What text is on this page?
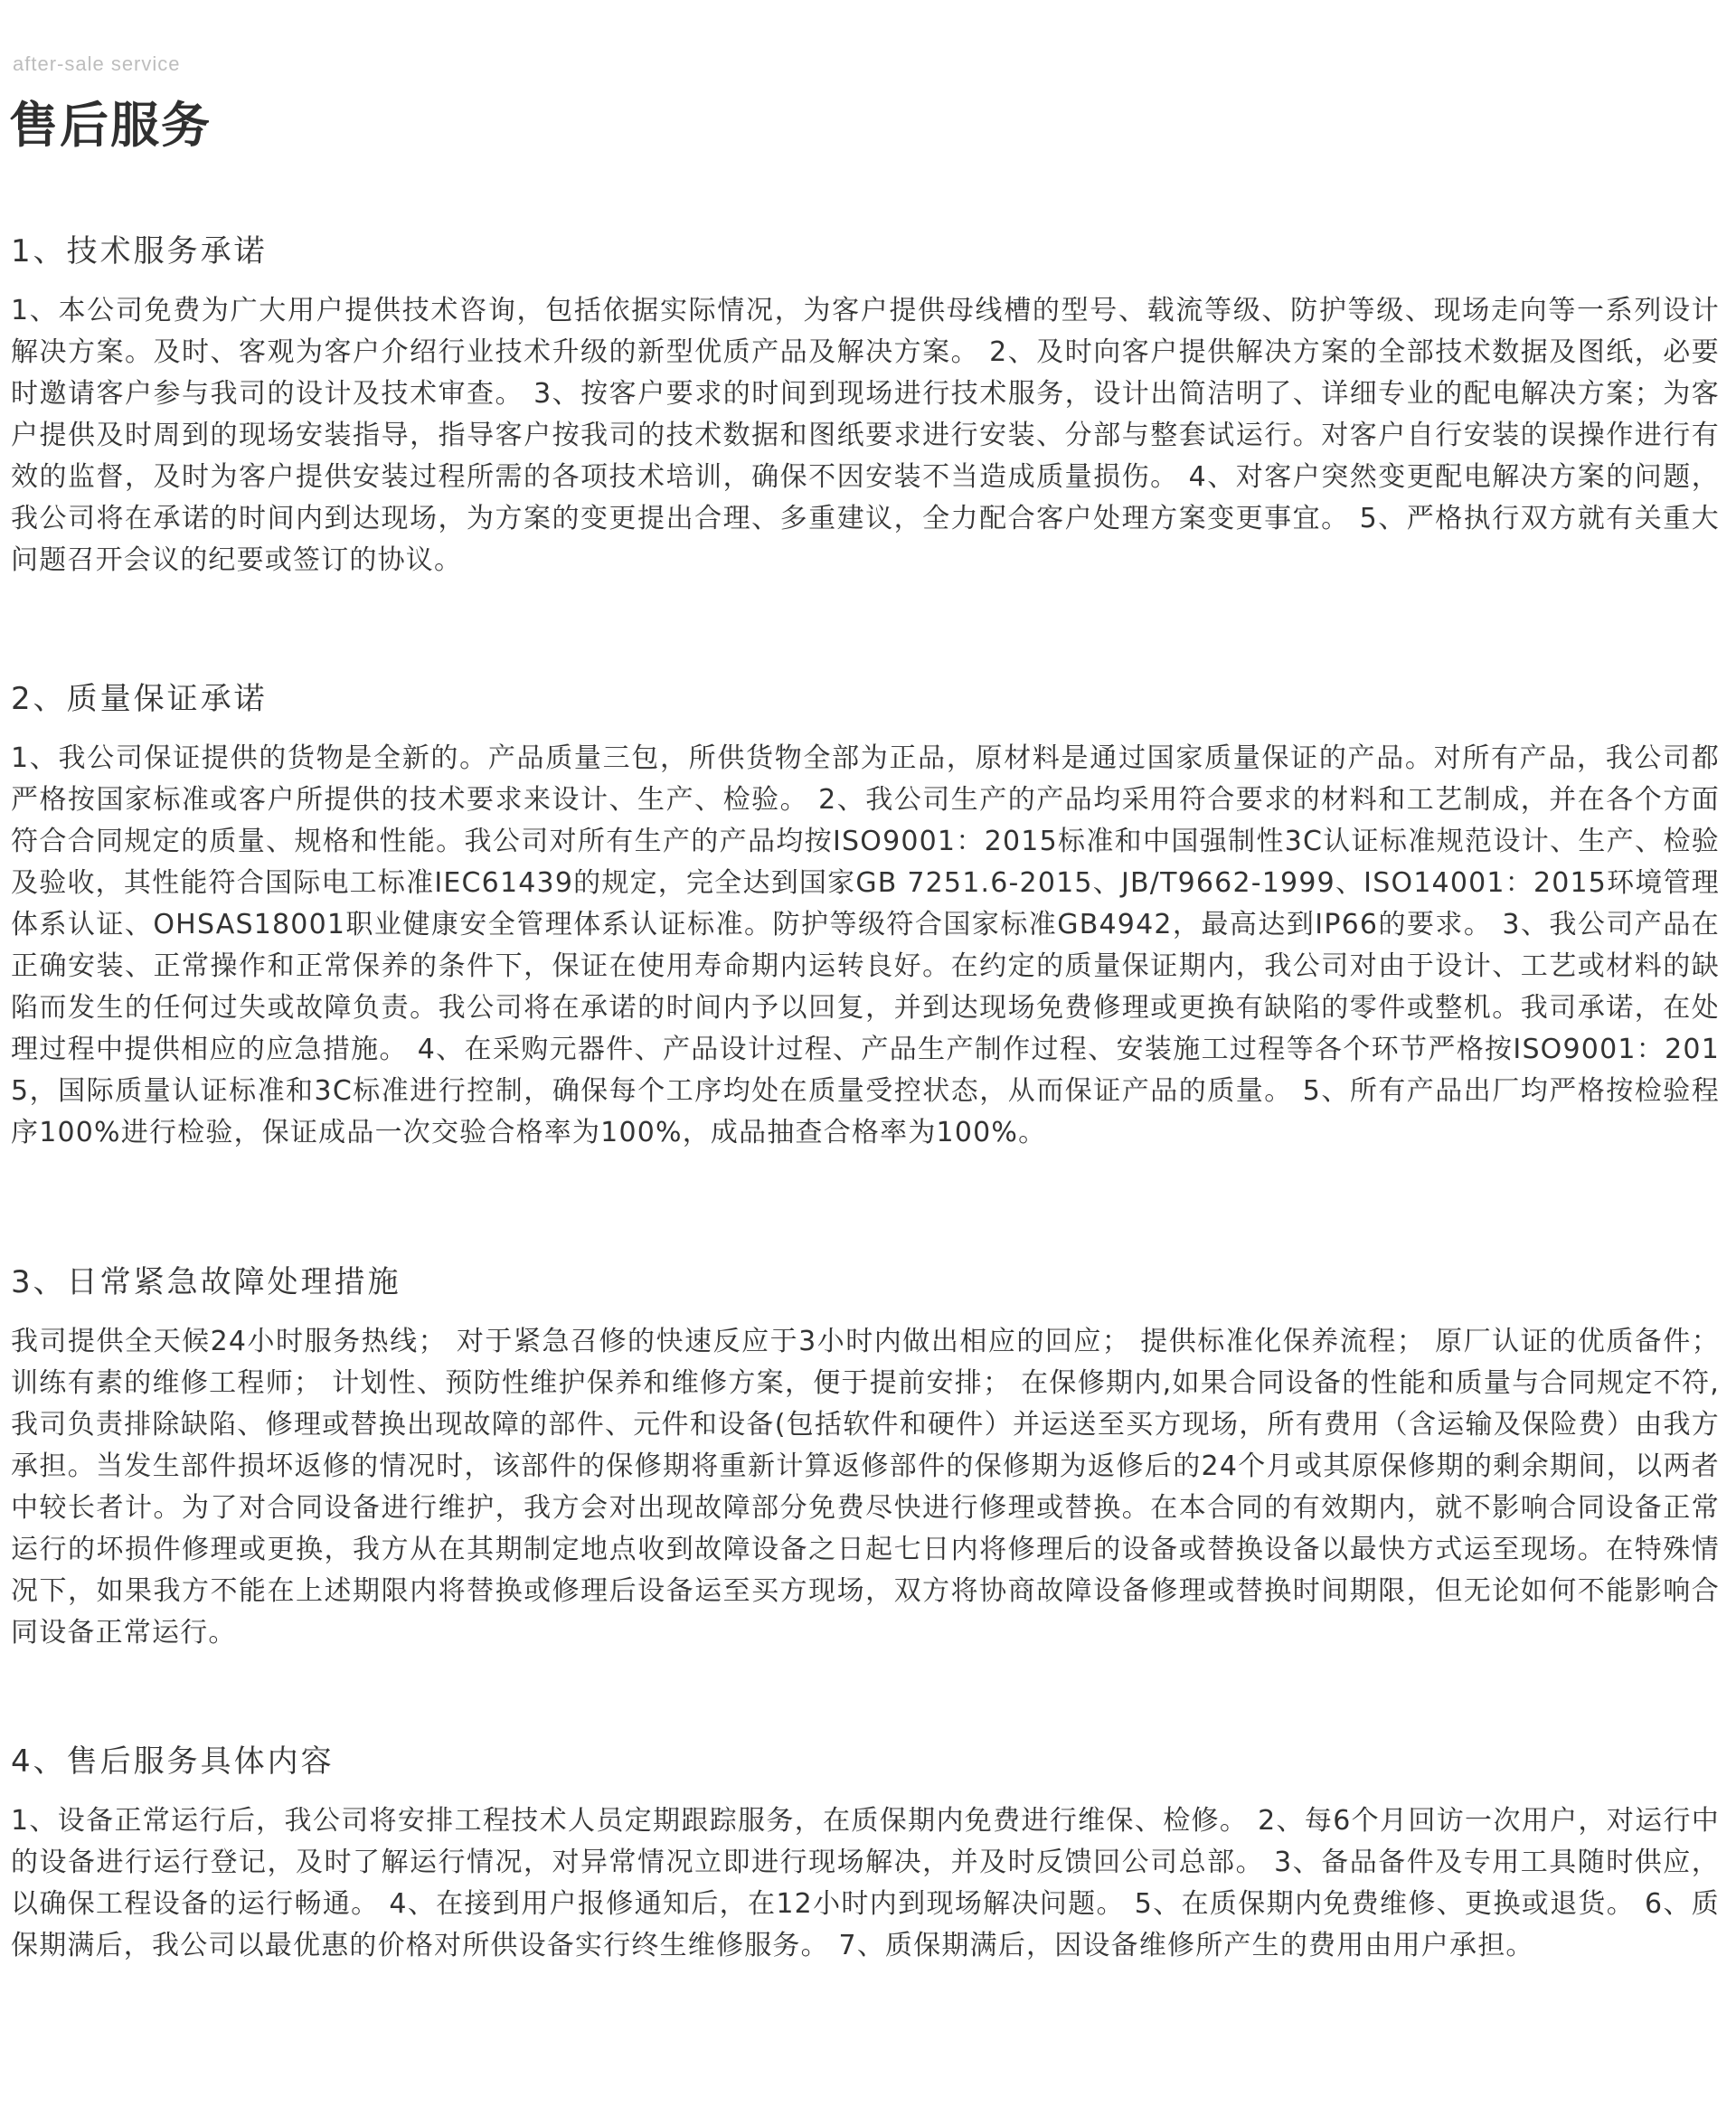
after-sale service
售后服务
1、技术服务承诺

1、本公司免费为广大用户提供技术咨询，包括依据实际情况，为客户提供母线槽的型号、载流等级、防护等级、现场走向等一系列设计解决方案。及时、客观为客户介绍行业技术升级的新型优质产品及解决方案。 2、及时向客户提供解决方案的全部技术数据及图纸，必要时邀请客户参与我司的设计及技术审查。 3、按客户要求的时间到现场进行技术服务，设计出简洁明了、详细专业的配电解决方案；为客户提供及时周到的现场安装指导，指导客户按我司的技术数据和图纸要求进行安装、分部与整套试运行。对客户自行安装的误操作进行有效的监督，及时为客户提供安装过程所需的各项技术培训，确保不因安装不当造成质量损伤。 4、对客户突然变更配电解决方案的问题，我公司将在承诺的时间内到达现场，为方案的变更提出合理、多重建议，全力配合客户处理方案变更事宜。 5、严格执行双方就有关重大问题召开会议的纪要或签订的协议。

2、质量保证承诺

1、我公司保证提供的货物是全新的。产品质量三包，所供货物全部为正品，原材料是通过国家质量保证的产品。对所有产品，我公司都严格按国家标准或客户所提供的技术要求来设计、生产、检验。 2、我公司生产的产品均采用符合要求的材料和工艺制成，并在各个方面符合合同规定的质量、规格和性能。我公司对所有生产的产品均按ISO9001：2015标准和中国强制性3C认证标准规范设计、生产、检验及验收，其性能符合国际电工标准IEC61439的规定，完全达到国家GB 7251.6-2015、JB/T9662-1999、ISO14001：2015环境管理体系认证、OHSAS18001职业健康安全管理体系认证标准。防护等级符合国家标准GB4942，最高达到IP66的要求。 3、我公司产品在正确安装、正常操作和正常保养的条件下，保证在使用寿命期内运转良好。在约定的质量保证期内，我公司对由于设计、工艺或材料的缺陷而发生的任何过失或故障负责。我公司将在承诺的时间内予以回复，并到达现场免费修理或更换有缺陷的零件或整机。我司承诺，在处理过程中提供相应的应急措施。 4、在采购元器件、产品设计过程、产品生产制作过程、安装施工过程等各个环节严格按ISO9001：2015，国际质量认证标准和3C标准进行控制，确保每个工序均处在质量受控状态，从而保证产品的质量。 5、所有产品出厂均严格按检验程序100%进行检验，保证成品一次交验合格率为100%，成品抽查合格率为100%。

3、日常紧急故障处理措施

我司提供全天候24小时服务热线； 对于紧急召修的快速反应于3小时内做出相应的回应； 提供标准化保养流程； 原厂认证的优质备件； 训练有素的维修工程师； 计划性、预防性维护保养和维修方案，便于提前安排； 在保修期内,如果合同设备的性能和质量与合同规定不符,我司负责排除缺陷、修理或替换出现故障的部件、元件和设备(包括软件和硬件）并运送至买方现场，所有费用（含运输及保险费）由我方承担。当发生部件损坏返修的情况时，该部件的保修期将重新计算返修部件的保修期为返修后的24个月或其原保修期的剩余期间，以两者中较长者计。为了对合同设备进行维护，我方会对出现故障部分免费尽快进行修理或替换。在本合同的有效期内，就不影响合同设备正常运行的坏损件修理或更换，我方从在其期制定地点收到故障设备之日起七日内将修理后的设备或替换设备以最快方式运至现场。在特殊情况下，如果我方不能在上述期限内将替换或修理后设备运至买方现场，双方将协商故障设备修理或替换时间期限，但无论如何不能影响合同设备正常运行。

4、售后服务具体内容

1、设备正常运行后，我公司将安排工程技术人员定期跟踪服务，在质保期内免费进行维保、检修。 2、每6个月回访一次用户，对运行中的设备进行运行登记，及时了解运行情况，对异常情况立即进行现场解决，并及时反馈回公司总部。 3、备品备件及专用工具随时供应，以确保工程设备的运行畅通。 4、在接到用户报修通知后，在12小时内到现场解决问题。 5、在质保期内免费维修、更换或退货。 6、质保期满后，我公司以最优惠的价格对所供设备实行终生维修服务。 7、质保期满后，因设备维修所产生的费用由用户承担。
